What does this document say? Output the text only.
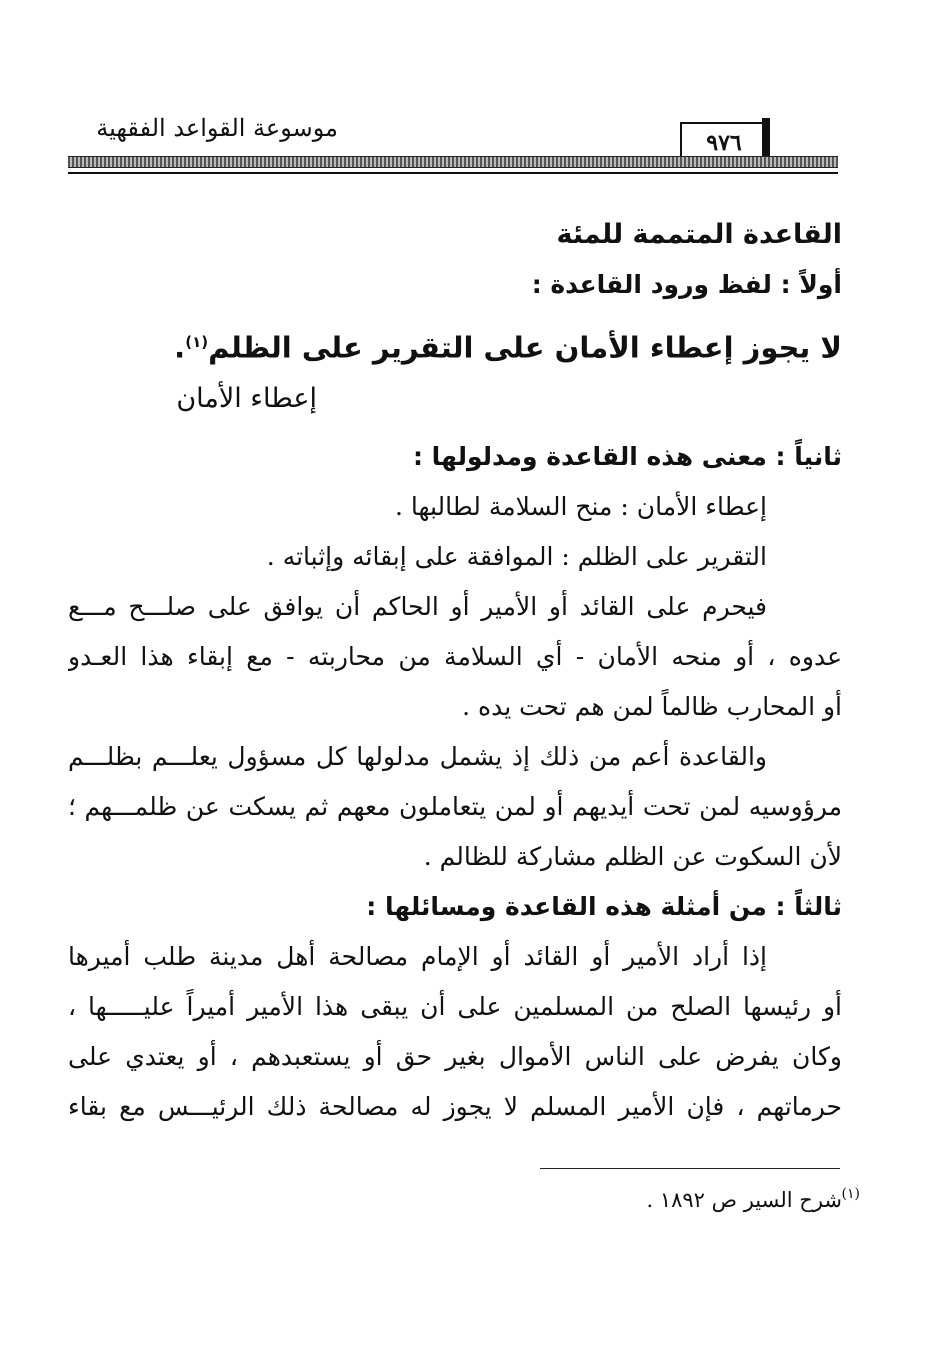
٩٧٦
موسوعة القواعد الفقهية
القاعدة المتممة للمئة
أولاً : لفظ ورود القاعدة :
لا يجوز إعطاء الأمان على التقرير على الظلم$^{(١)}$.
إعطاء الأمان
ثانياً : معنى هذه القاعدة ومدلولها :
إعطاء الأمان : منح السلامة لطالبها .
التقرير على الظلم : الموافقة على إبقائه وإثباته .
فيحرم على القائد أو الأمير أو الحاكم أن يوافق على صلـــح مـــع
عدوه ، أو منحه الأمان - أي السلامة من محاربته - مع إبقاء هذا العـدو
أو المحارب ظالماً لمن هم تحت يده .
والقاعدة أعم من ذلك إذ يشمل مدلولها كل مسؤول يعلـــم بظلـــم
مرؤوسيه لمن تحت أيديهم أو لمن يتعاملون معهم ثم يسكت عن ظلمـــهم ؛
لأن السكوت عن الظلم مشاركة للظالم .
ثالثاً : من أمثلة هذه القاعدة ومسائلها :
إذا أراد الأمير أو القائد أو الإمام مصالحة أهل مدينة طلب أميرها
أو رئيسها الصلح من المسلمين على أن يبقى هذا الأمير أميراً عليـــــها ،
وكان يفرض على الناس الأموال بغير حق أو يستعبدهم ، أو يعتدي على
حرماتهم ، فإن الأمير المسلم لا يجوز له مصالحة ذلك الرئيـــس مع بقاء
(١)
شرح السير ص ١٨٩٢ .
